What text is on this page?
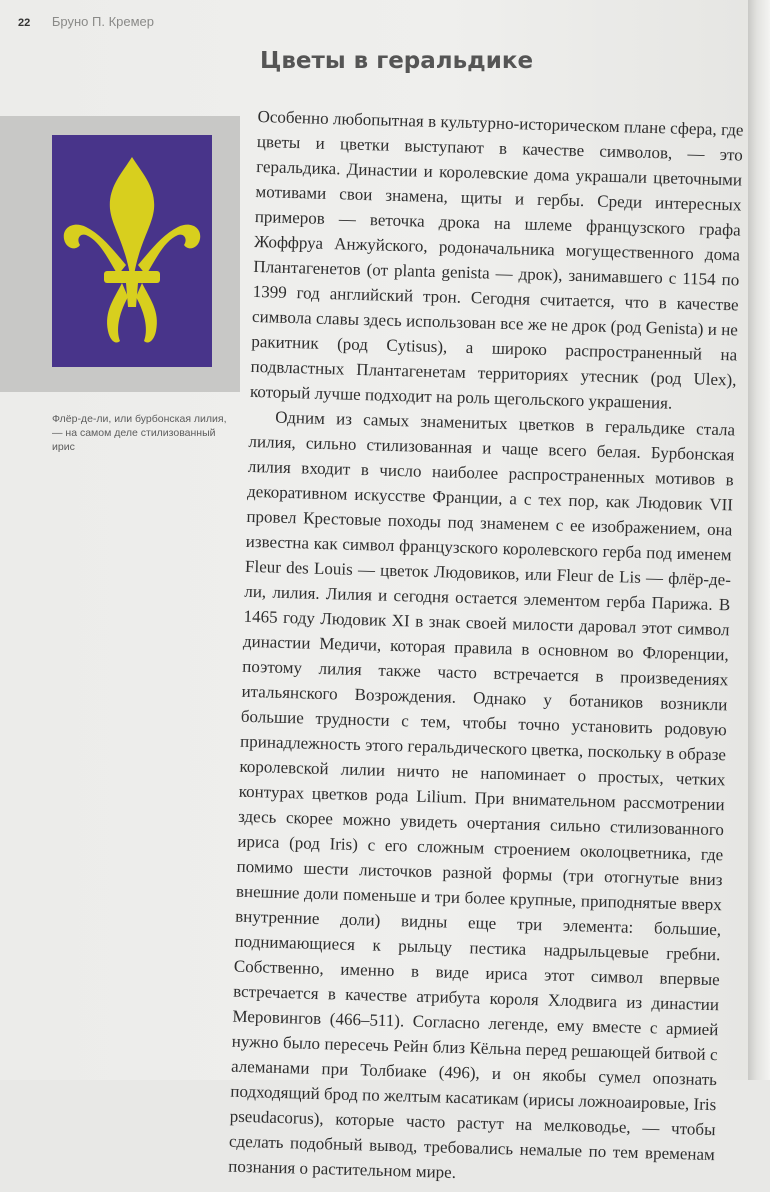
22 Бруно П. Кремер
Цветы в геральдике
Флёр-де-ли, или бурбонская лилия, — на самом деле стилизованный ирис

Особенно любопытная в культурно-историческом плане сфера, где цветы и цветки выступают в качестве символов, — это геральдика. Династии и королевские дома украшали цветочными мотивами свои знамена, щиты и гербы. Среди интересных примеров — веточка дрока на шлеме французского графа Жоффруа Анжуйского, родоначальника могущественного дома Плантагенетов (от planta genista — дрок), занимавшего с 1154 по 1399 год английский трон. Сегодня считается, что в качестве символа славы здесь использован все же не дрок (род Genista) и не ракитник (род Cytisus), а широко распространенный на подвластных Плантагенетам территориях утесник (род Ulex), который лучше подходит на роль щегольского украшения.

Одним из самых знаменитых цветков в геральдике стала лилия, сильно стилизованная и чаще всего белая. Бурбонская лилия входит в число наиболее распространенных мотивов в декоративном искусстве Франции, а с тех пор, как Людовик VII провел Крестовые походы под знаменем с ее изображением, она известна как символ французского королевского герба под именем Fleur des Louis — цветок Людовиков, или Fleur de Lis — флёр-де-ли, лилия. Лилия и сегодня остается элементом герба Парижа. В 1465 году Людовик XI в знак своей милости даровал этот символ династии Медичи, которая правила в основном во Флоренции, поэтому лилия также часто встречается в произведениях итальянского Возрождения. Однако у ботаников возникли большие трудности с тем, чтобы точно установить родовую принадлежность этого геральдического цветка, поскольку в образе королевской лилии ничто не напоминает о простых, четких контурах цветков рода Lilium. При внимательном рассмотрении здесь скорее можно увидеть очертания сильно стилизованного ириса (род Iris) с его сложным строением околоцветника, где помимо шести листочков разной формы (три отогнутые вниз внешние доли поменьше и три более крупные, приподнятые вверх внутренние доли) видны еще три элемента: большие, поднимающиеся к рыльцу пестика надрыльцевые гребни. Собственно, именно в виде ириса этот символ впервые встречается в качестве атрибута короля Хлодвига из династии Меровингов (466–511). Согласно легенде, ему вместе с армией нужно было пересечь Рейн близ Кёльна перед решающей битвой с алеманами при Толбиаке (496), и он якобы сумел опознать подходящий брод по желтым касатикам (ирисы ложноаировые, Iris pseudacorus), которые часто растут на мелководье, — чтобы сделать подобный вывод, требовались немалые по тем временам познания о растительном мире.
